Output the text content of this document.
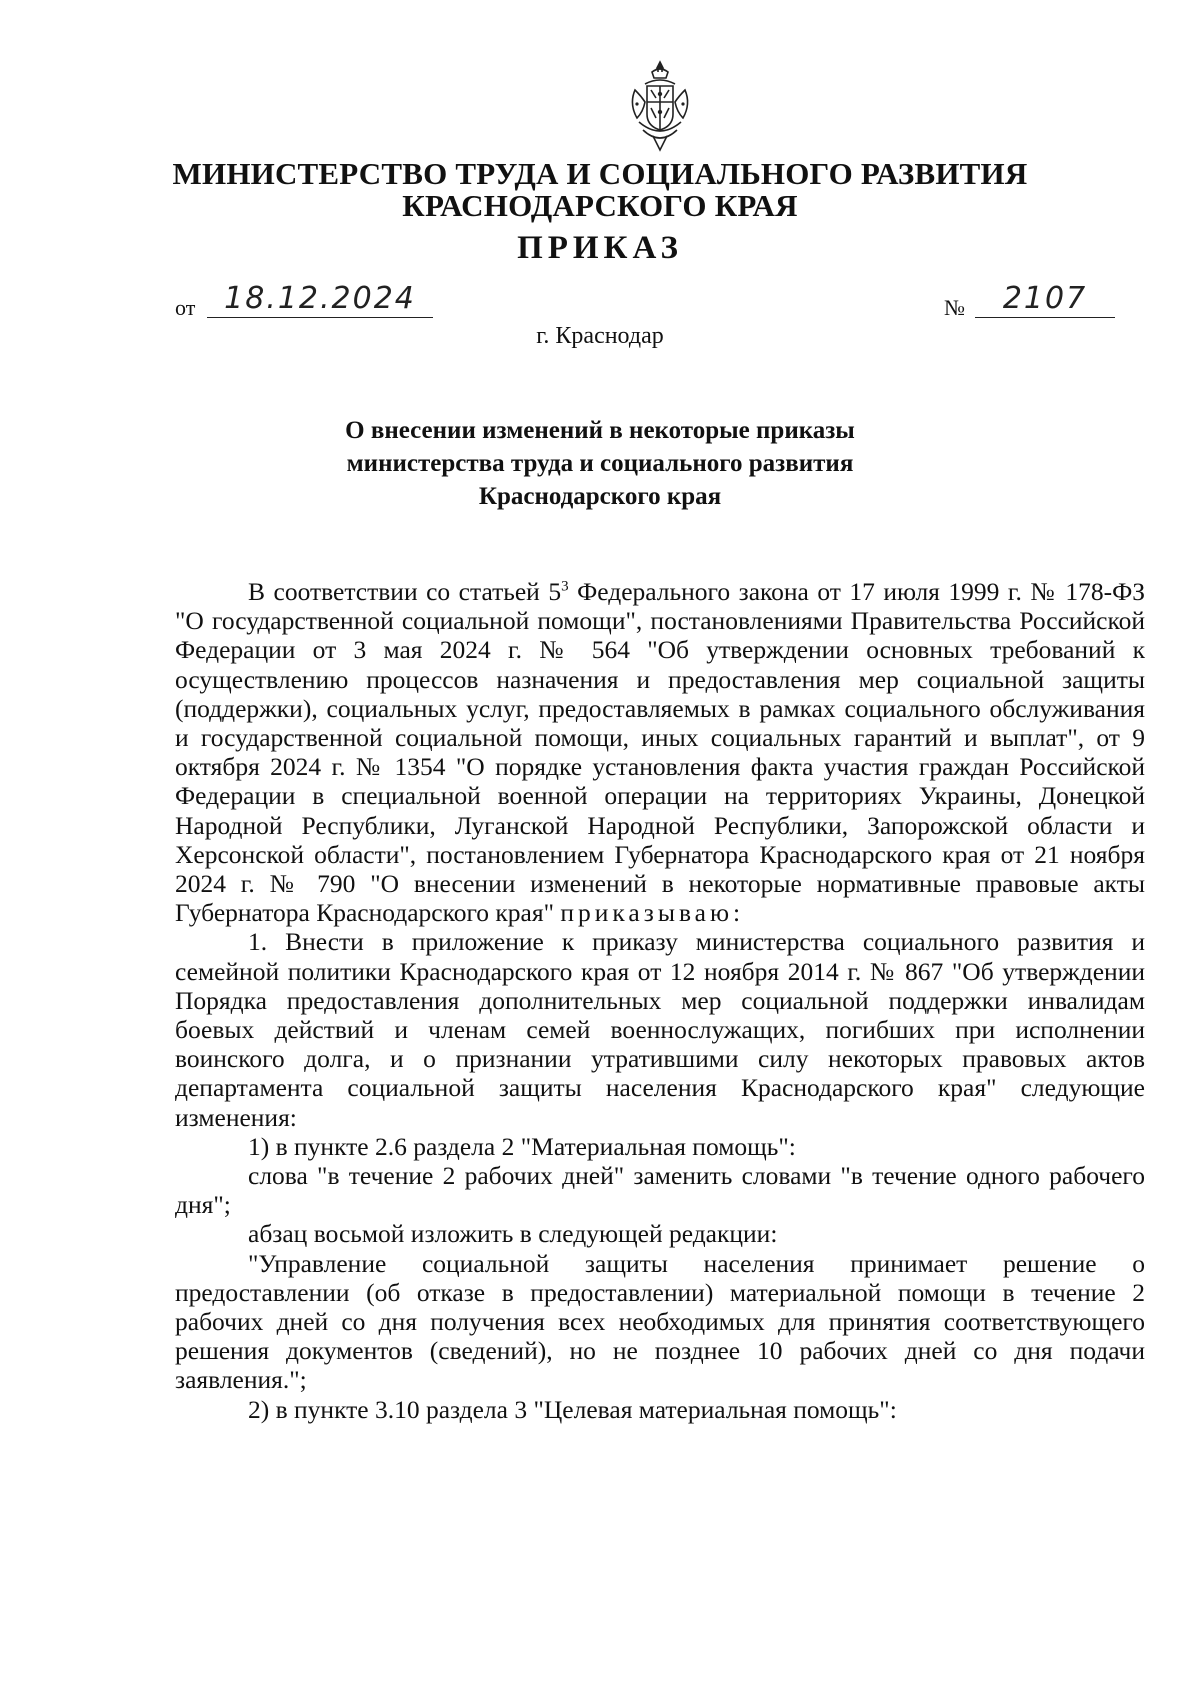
МИНИСТЕРСТВО ТРУДА И СОЦИАЛЬНОГО РАЗВИТИЯ
КРАСНОДАРСКОГО КРАЯ
ПРИКАЗ
от 18.12.2024	№	2107
г. Краснодар
О внесении изменений в некоторые приказы
министерства труда и социального развития
Краснодарского края

В соответствии со статьей $5^3$ Федерального закона от 17 июля 1999 г. № 178-ФЗ "О государственной социальной помощи", постановлениями Правительства Российской Федерации от 3 мая 2024 г. № 564 "Об утверждении основных требований к осуществлению процессов назначения и предоставления мер социальной защиты (поддержки), социальных услуг, предоставляемых в рамках социального обслуживания и государственной социальной помощи, иных социальных гарантий и выплат", от 9 октября 2024 г. № 1354 "О порядке установления факта участия граждан Российской Федерации в специальной военной операции на территориях Украины, Донецкой Народной Республики, Луганской Народной Республики, Запорожской области и Херсонской области", постановлением Губернатора Краснодарского края от 21 ноября 2024 г. № 790 "О внесении изменений в некоторые нормативные правовые акты Губернатора Краснодарского края" приказываю:

1. Внести в приложение к приказу министерства социального развития и семейной политики Краснодарского края от 12 ноября 2014 г. № 867 "Об утверждении Порядка предоставления дополнительных мер социальной поддержки инвалидам боевых действий и членам семей военнослужащих, погибших при исполнении воинского долга, и о признании утратившими силу некоторых правовых актов департамента социальной защиты населения Краснодарского края" следующие изменения:

1) в пункте 2.6 раздела 2 "Материальная помощь":

слова "в течение 2 рабочих дней" заменить словами "в течение одного рабочего дня";

абзац восьмой изложить в следующей редакции:

"Управление социальной защиты населения принимает решение о предоставлении (об отказе в предоставлении) материальной помощи в течение 2 рабочих дней со дня получения всех необходимых для принятия соответствующего решения документов (сведений), но не позднее 10 рабочих дней со дня подачи заявления.";

2) в пункте 3.10 раздела 3 "Целевая материальная помощь":
